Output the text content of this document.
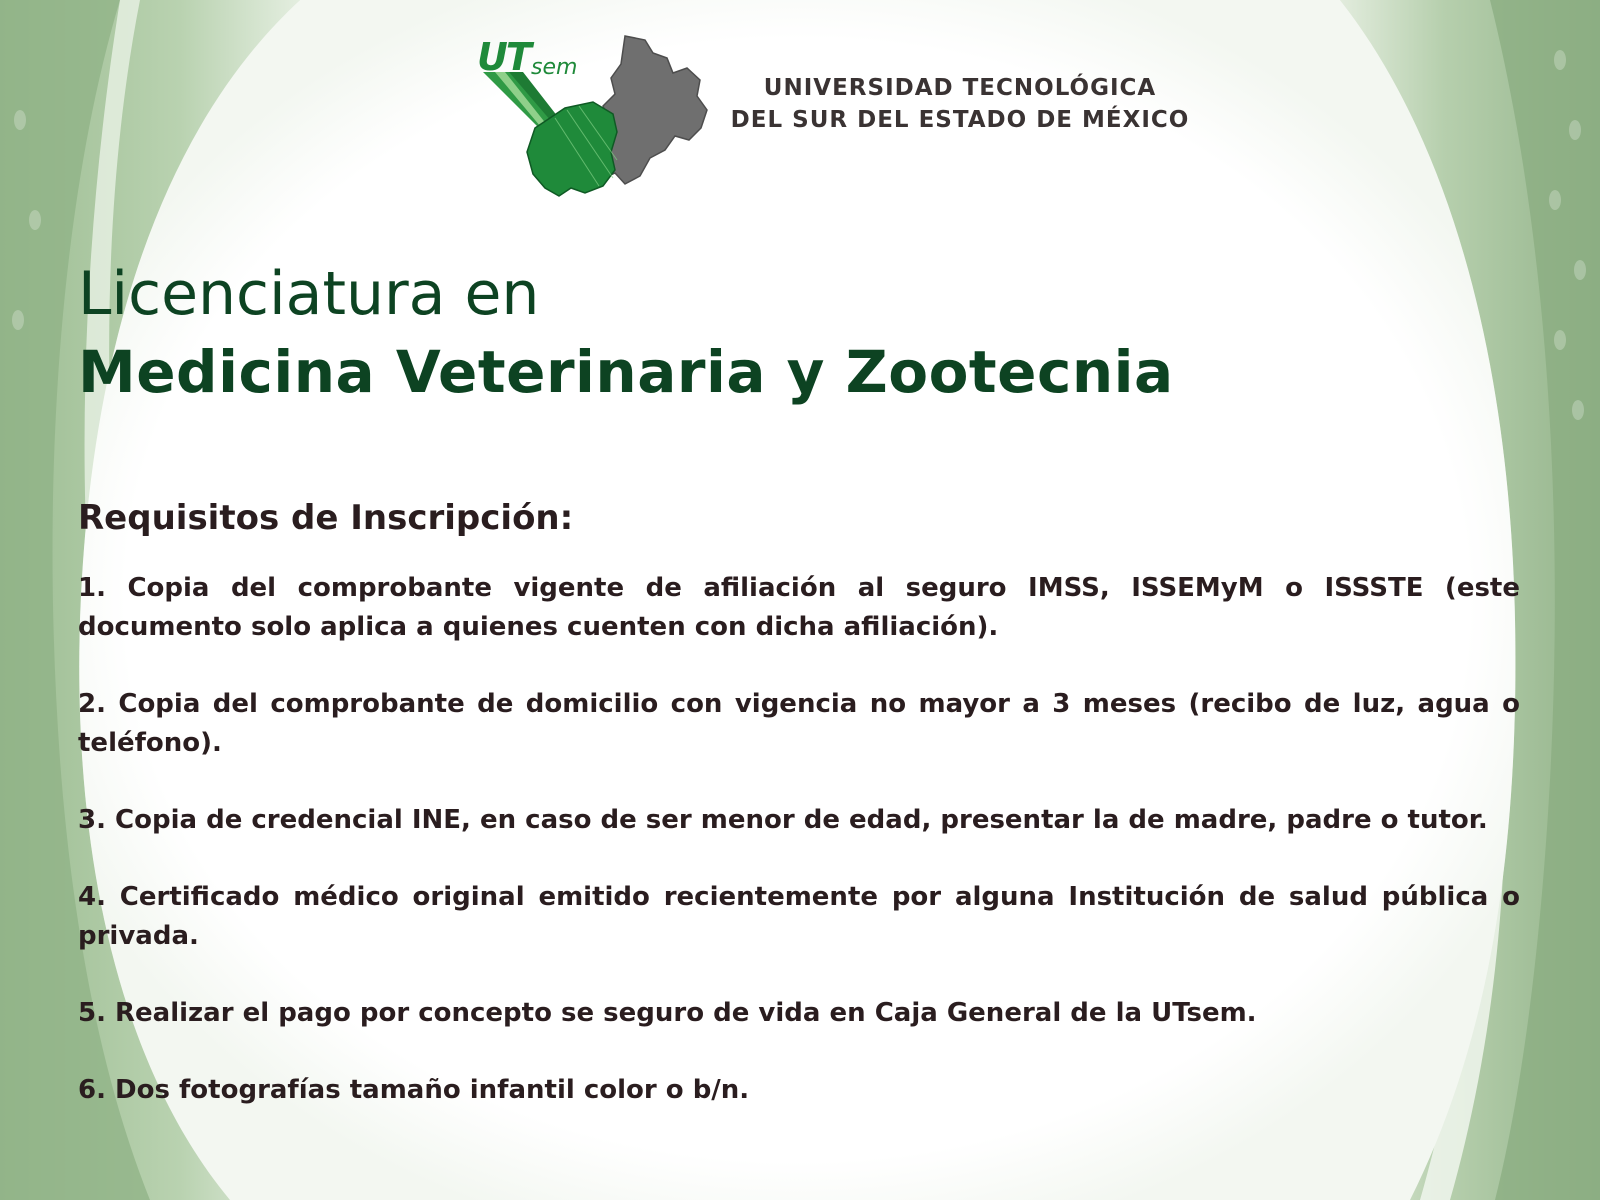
UT sem
UNIVERSIDAD TECNOLÓGICA
DEL SUR DEL ESTADO DE MÉXICO
Licenciatura en
Medicina Veterinaria y Zootecnia
Requisitos de Inscripción:
1. Copia del comprobante vigente de afiliación al seguro IMSS, ISSEMyM o ISSSTE (este documento solo aplica a quienes cuenten con dicha afiliación).
2. Copia del comprobante de domicilio con vigencia no mayor a 3 meses (recibo de luz, agua o teléfono).
3. Copia de credencial INE, en caso de ser menor de edad, presentar la de madre, padre o tutor.
4. Certificado médico original emitido recientemente por alguna Institución de salud pública o privada.
5. Realizar el pago por concepto se seguro de vida en Caja General de la UTsem.
6. Dos fotografías tamaño infantil color o b/n.
